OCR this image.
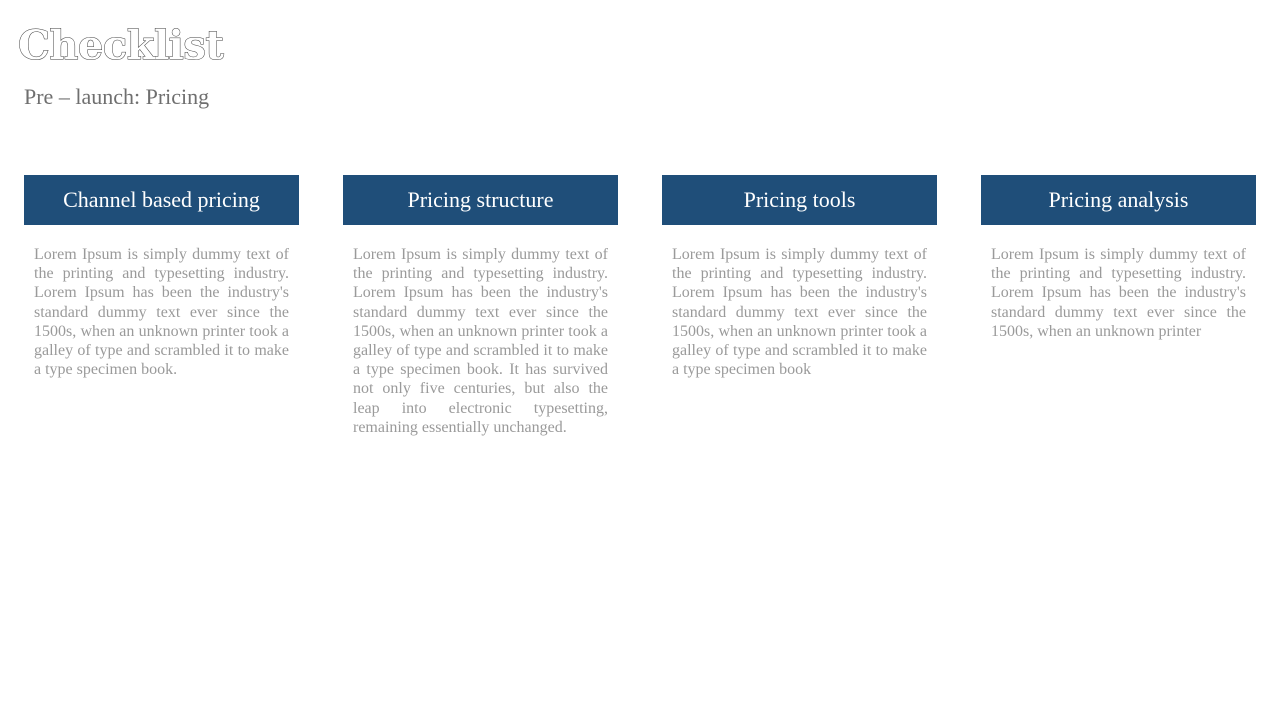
Checklist
Pre – launch: Pricing
Channel based pricing

Lorem Ipsum is simply dummy text of the printing and typesetting industry. Lorem Ipsum has been the industry's standard dummy text ever since the 1500s, when an unknown printer took a galley of type and scrambled it to make a type specimen book.

Pricing structure

Lorem Ipsum is simply dummy text of the printing and typesetting industry. Lorem Ipsum has been the industry's standard dummy text ever since the 1500s, when an unknown printer took a galley of type and scrambled it to make a type specimen book. It has survived not only five centuries, but also the leap into electronic typesetting, remaining essentially unchanged.

Pricing tools

Lorem Ipsum is simply dummy text of the printing and typesetting industry. Lorem Ipsum has been the industry's standard dummy text ever since the 1500s, when an unknown printer took a galley of type and scrambled it to make a type specimen book

Pricing analysis

Lorem Ipsum is simply dummy text of the printing and typesetting industry. Lorem Ipsum has been the industry's standard dummy text ever since the 1500s, when an unknown printer
